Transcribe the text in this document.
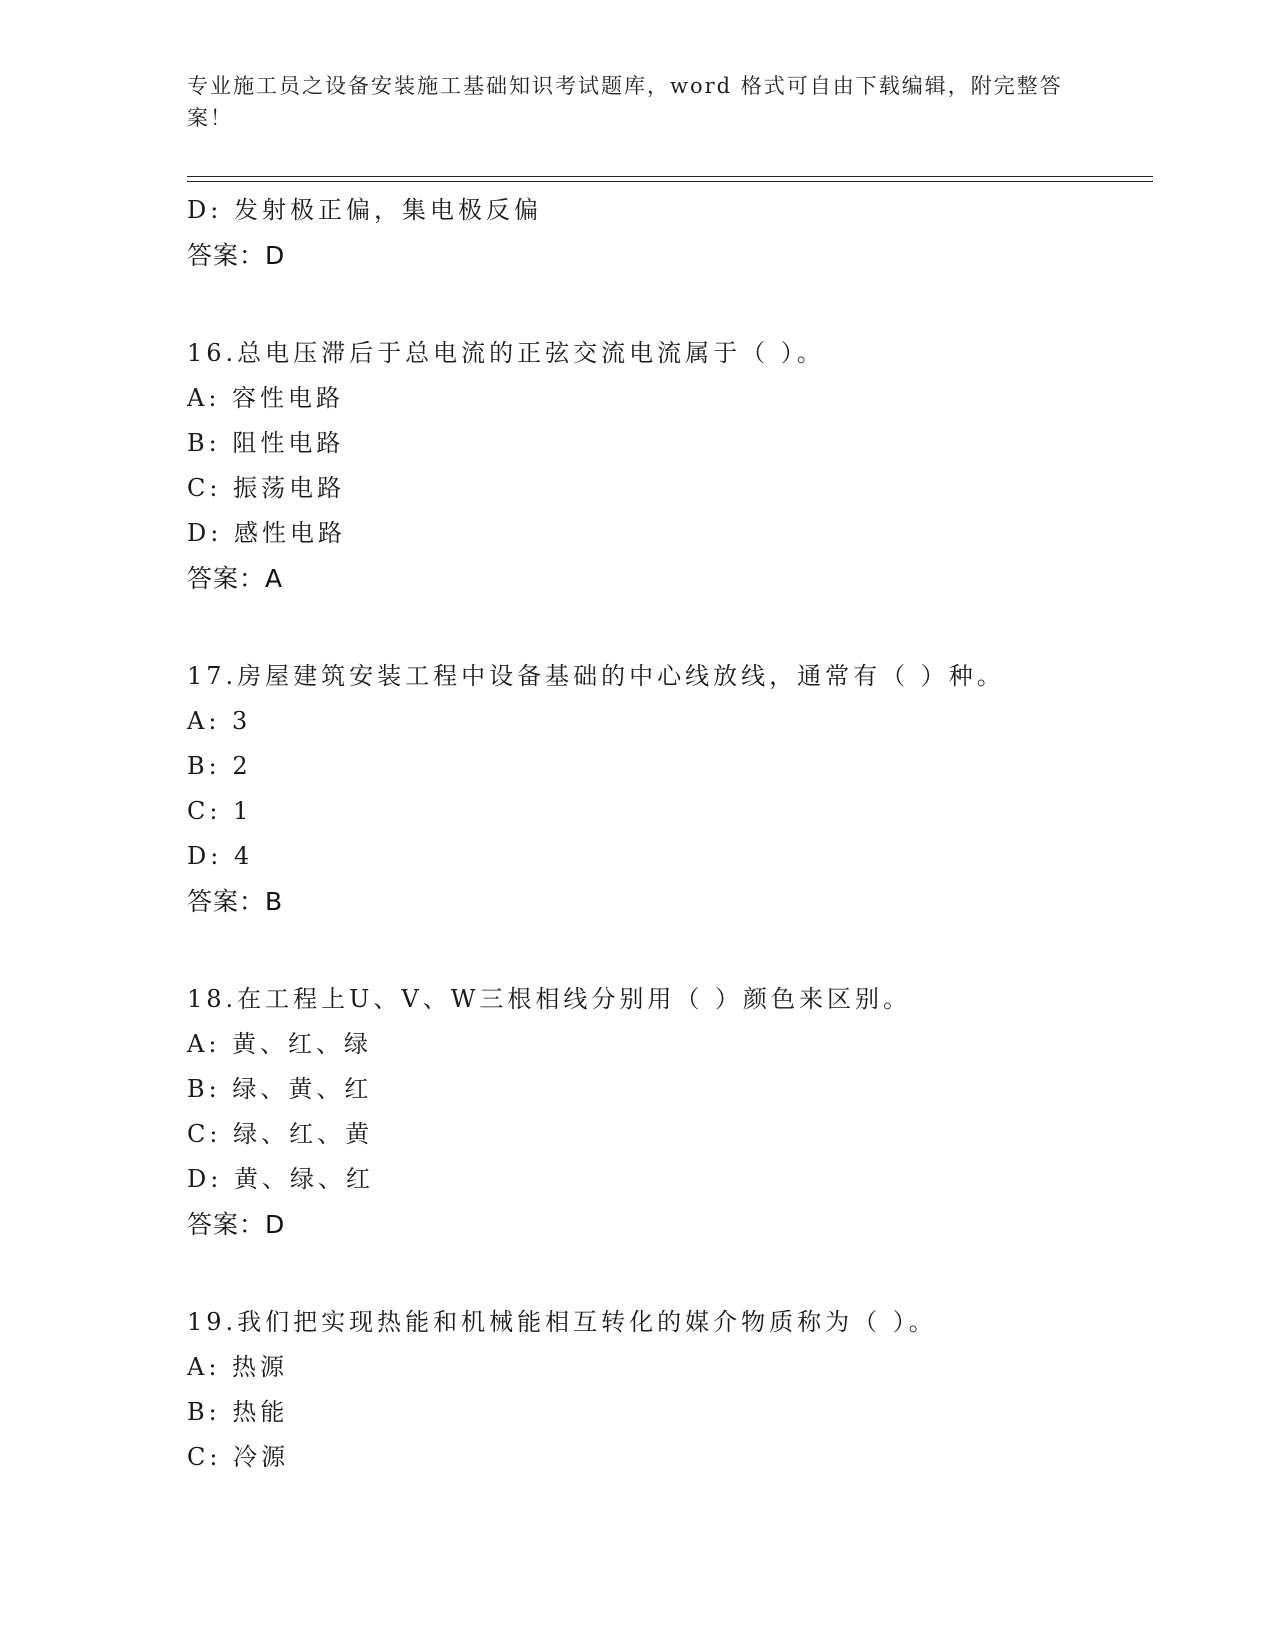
专业施工员之设备安装施工基础知识考试题库，word 格式可自由下载编辑，附完整答案！
D: 发射极正偏，集电极反偏
答案：D
16.总电压滞后于总电流的正弦交流电流属于（ ）。
A: 容性电路
B: 阻性电路
C: 振荡电路
D: 感性电路
答案：A
17.房屋建筑安装工程中设备基础的中心线放线，通常有（ ）种。
A: 3
B: 2
C: 1
D: 4
答案：B
18.在工程上U、V、W三根相线分别用（ ）颜色来区别。
A: 黄、红、绿
B: 绿、黄、红
C: 绿、红、黄
D: 黄、绿、红
答案：D
19.我们把实现热能和机械能相互转化的媒介物质称为（ ）。
A: 热源
B: 热能
C: 冷源
